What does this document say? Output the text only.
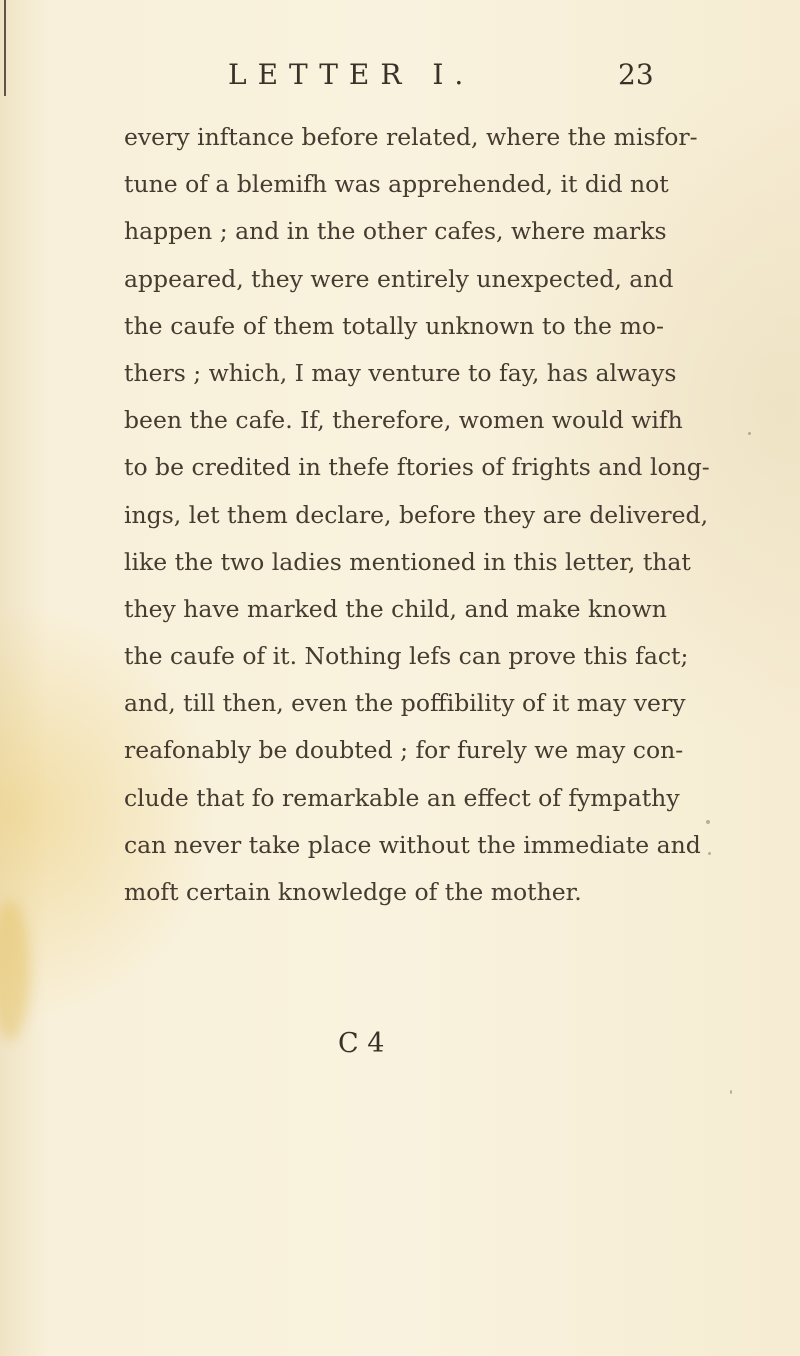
LETTER I.	23
every inftance before related, where the misfor-
tune of a blemifh was apprehended, it did not
happen ; and in the other cafes, where marks
appeared, they were entirely unexpected, and
the caufe of them totally unknown to the mo-
thers ; which, I may venture to fay, has always
been the cafe. If, therefore, women would wifh
to be credited in thefe ftories of frights and long-
ings, let them declare, before they are delivered,
like the two ladies mentioned in this letter, that
they have marked the child, and make known
the caufe of it. Nothing lefs can prove this fact;
and, till then, even the poffibility of it may very
reafonably be doubted ; for furely we may con-
clude that fo remarkable an effect of fympathy
can never take place without the immediate and
moft certain knowledge of the mother.
C 4
